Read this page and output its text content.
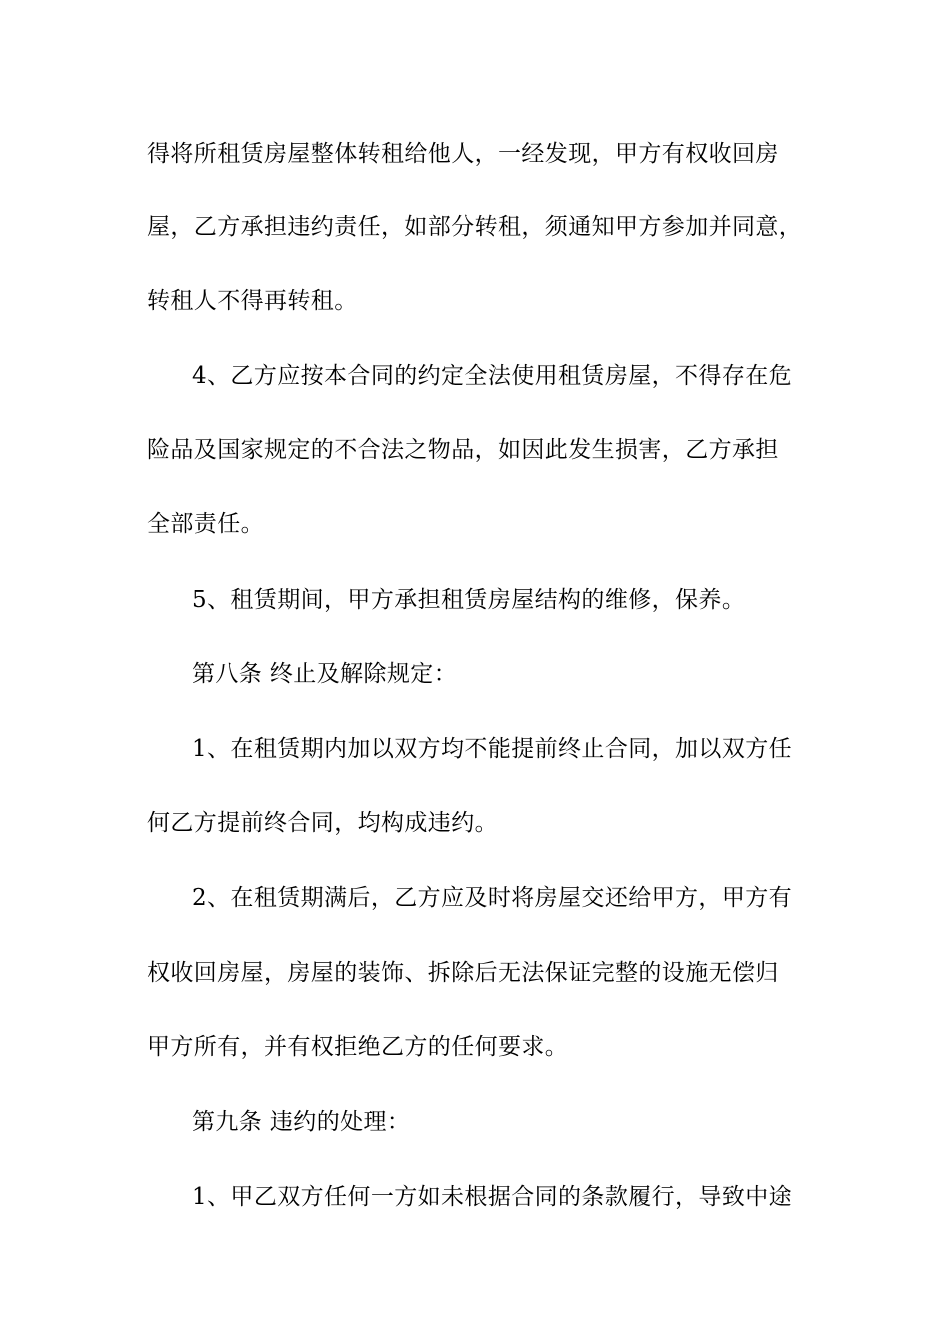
得将所租赁房屋整体转租给他人，一经发现，甲方有权收回房
屋，乙方承担违约责任，如部分转租，须通知甲方参加并同意，
转租人不得再转租。
4、乙方应按本合同的约定全法使用租赁房屋，不得存在危
险品及国家规定的不合法之物品，如因此发生损害，乙方承担
全部责任。
5、租赁期间，甲方承担租赁房屋结构的维修，保养。
第八条 终止及解除规定：
1、在租赁期内加以双方均不能提前终止合同，加以双方任
何乙方提前终合同，均构成违约。
2、在租赁期满后，乙方应及时将房屋交还给甲方，甲方有
权收回房屋，房屋的装饰、拆除后无法保证完整的设施无偿归
甲方所有，并有权拒绝乙方的任何要求。
第九条 违约的处理：
1、甲乙双方任何一方如未根据合同的条款履行，导致中途
